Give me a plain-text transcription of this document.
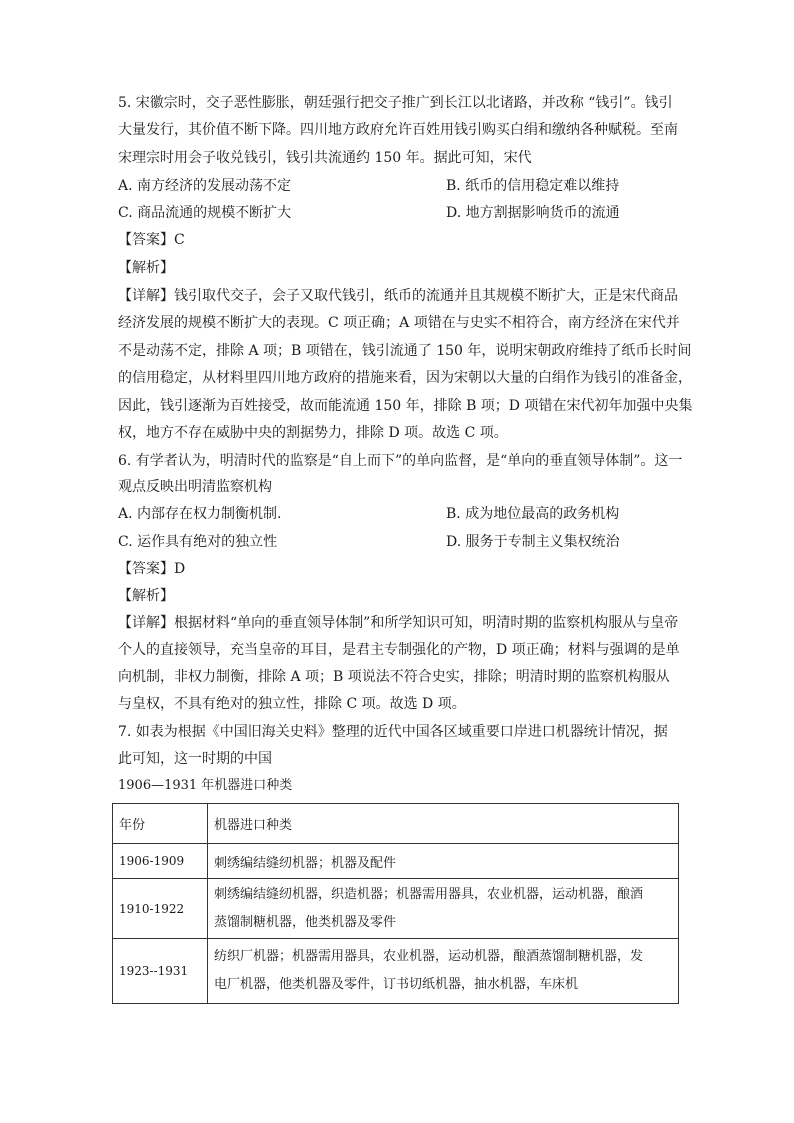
5. 宋徽宗时，交子恶性膨胀，朝廷强行把交子推广到长江以北诸路，并改称 “钱引”。钱引
大量发行，其价值不断下降。四川地方政府允许百姓用钱引购买白绢和缴纳各种赋税。至南
宋理宗时用会子收兑钱引，钱引共流通约 150 年。据此可知，宋代
A. 南方经济的发展动荡不定	B. 纸币的信用稳定难以维持
C. 商品流通的规模不断扩大	D. 地方割据影响货币的流通
【答案】C
【解析】
【详解】钱引取代交子，会子又取代钱引，纸币的流通并且其规模不断扩大，正是宋代商品
经济发展的规模不断扩大的表现。C 项正确；A 项错在与史实不相符合，南方经济在宋代并
不是动荡不定，排除 A 项；B 项错在，钱引流通了 150 年，说明宋朝政府维持了纸币长时间
的信用稳定，从材料里四川地方政府的措施来看，因为宋朝以大量的白绢作为钱引的准备金，
因此，钱引逐渐为百姓接受，故而能流通 150 年，排除 B 项；D 项错在宋代初年加强中央集
权，地方不存在威胁中央的割据势力，排除 D 项。故选 C 项。
6. 有学者认为，明清时代的监察是“自上而下”的单向监督，是“单向的垂直领导体制”。这一
观点反映出明清监察机构
A. 内部存在权力制衡机制.	B. 成为地位最高的政务机构
C. 运作具有绝对的独立性	D. 服务于专制主义集权统治
【答案】D
【解析】
【详解】根据材料“单向的垂直领导体制”和所学知识可知，明清时期的监察机构服从与皇帝
个人的直接领导，充当皇帝的耳目，是君主专制强化的产物，D 项正确；材料与强调的是单
向机制，非权力制衡，排除 A 项；B 项说法不符合史实，排除；明清时期的监察机构服从
与皇权，不具有绝对的独立性，排除 C 项。故选 D 项。
7. 如表为根据《中国旧海关史料》整理的近代中国各区域重要口岸进口机器统计情况，据
此可知，这一时期的中国
1906—1931 年机器进口种类
年份	机器进口种类
1906-1909	刺绣编结缝纫机器；机器及配件

1910-1922	刺绣编结缝纫机器，织造机器；机器需用器具，农业机器，运动机器，酿酒
蒸馏制糖机器，他类机器及零件

1923--1931	纺织厂机器；机器需用器具，农业机器，运动机器，酿酒蒸馏制糖机器，发
电厂机器，他类机器及零件，订书切纸机器，抽水机器，车床机
